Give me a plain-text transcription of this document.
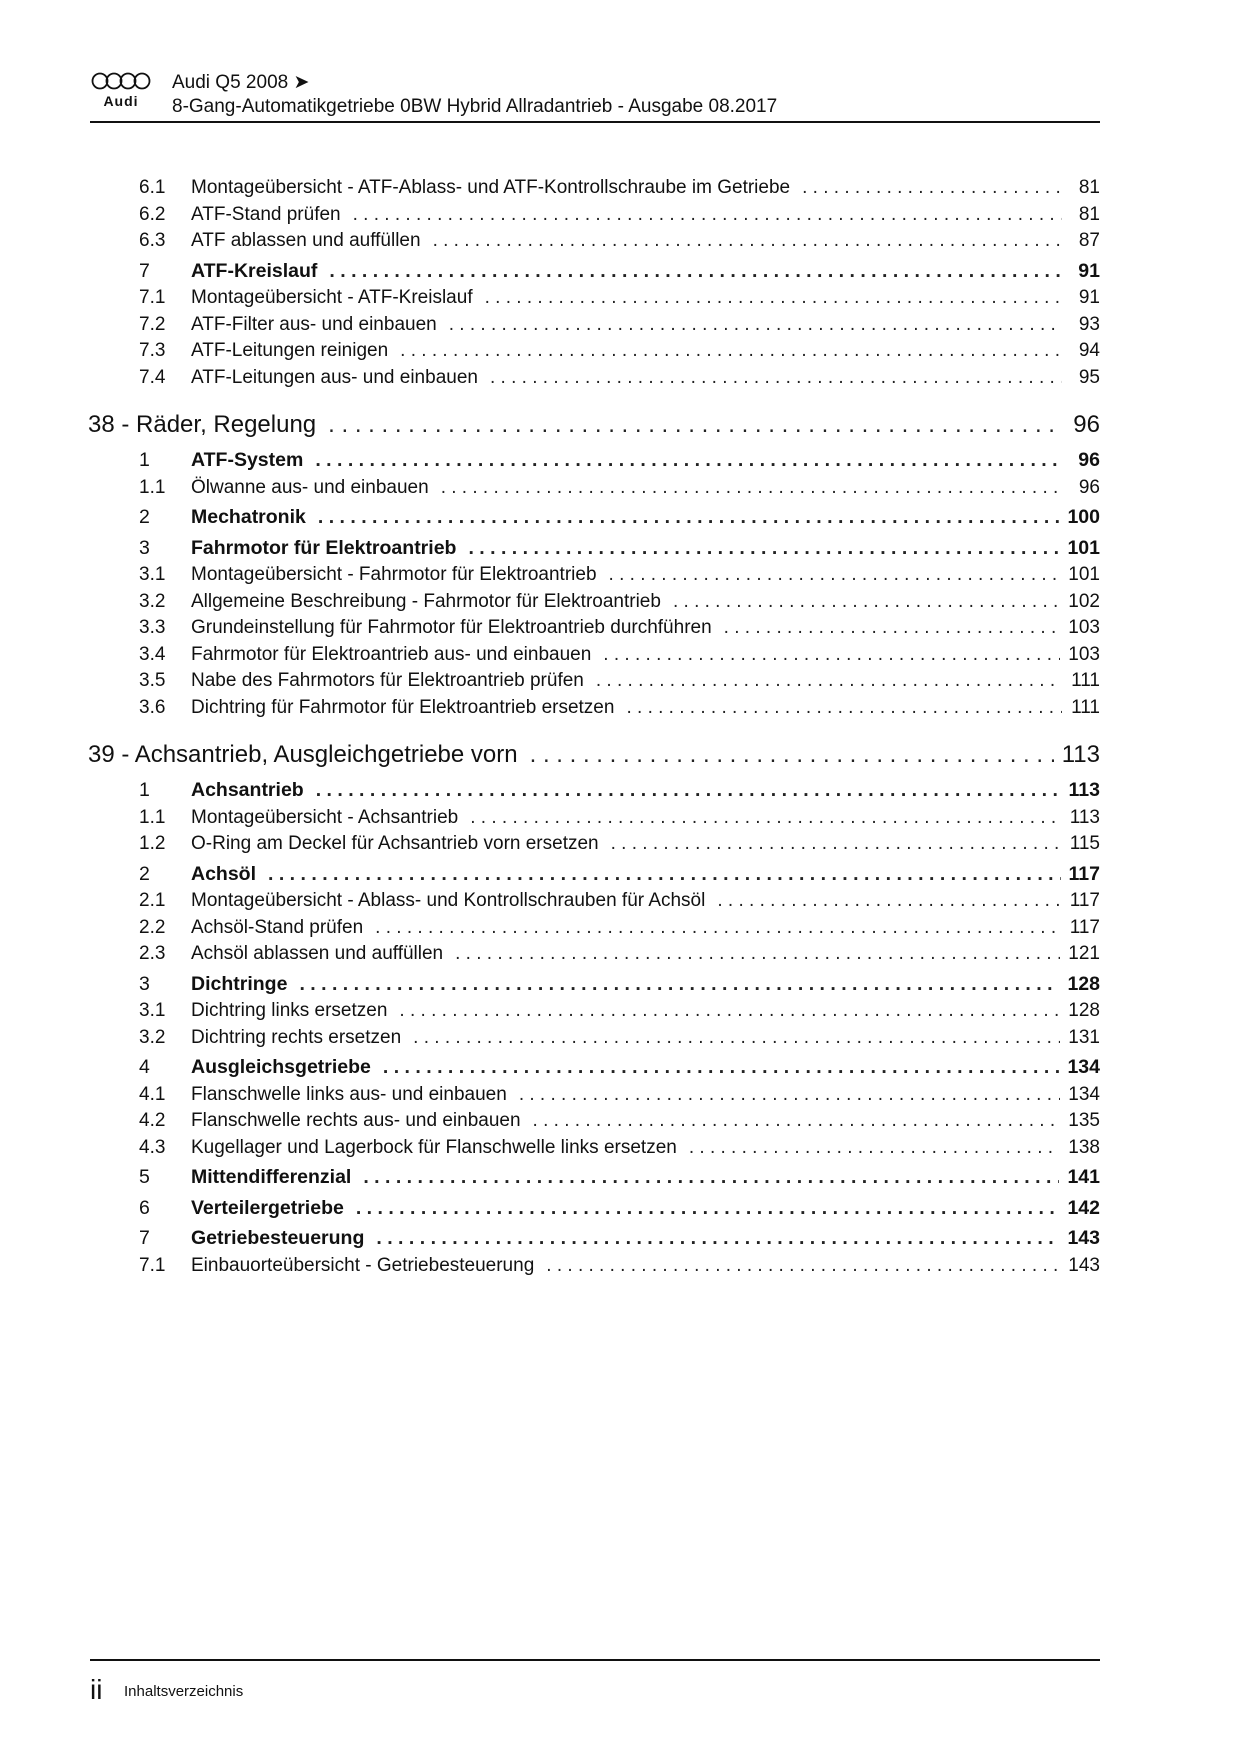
Audi
Audi Q5 2008 ➤
8-Gang-Automatikgetriebe 0BW Hybrid Allradantrieb - Ausgabe 08.2017
6.1	Montageübersicht - ATF-Ablass- und ATF-Kontrollschraube im Getriebe . . .	81
6.2	ATF-Stand prüfen . . .	81
6.3	ATF ablassen und auffüllen . . .	87
7	ATF-Kreislauf . . .	91
7.1	Montageübersicht - ATF-Kreislauf . . .	91
7.2	ATF-Filter aus- und einbauen . . .	93
7.3	ATF-Leitungen reinigen . . .	94
7.4	ATF-Leitungen aus- und einbauen . . .	95
38 - Räder, Regelung . . .	96
1	ATF-System . . .	96
1.1	Ölwanne aus- und einbauen . . .	96
2	Mechatronik . . .	100
3	Fahrmotor für Elektroantrieb . . .	101
3.1	Montageübersicht - Fahrmotor für Elektroantrieb . . .	101
3.2	Allgemeine Beschreibung - Fahrmotor für Elektroantrieb . . .	102
3.3	Grundeinstellung für Fahrmotor für Elektroantrieb durchführen . . .	103
3.4	Fahrmotor für Elektroantrieb aus- und einbauen . . .	103
3.5	Nabe des Fahrmotors für Elektroantrieb prüfen . . .	111
3.6	Dichtring für Fahrmotor für Elektroantrieb ersetzen . . .	111
39 - Achsantrieb, Ausgleichgetriebe vorn . . .	113
1	Achsantrieb . . .	113
1.1	Montageübersicht - Achsantrieb . . .	113
1.2	O-Ring am Deckel für Achsantrieb vorn ersetzen . . .	115
2	Achsöl . . .	117
2.1	Montageübersicht - Ablass- und Kontrollschrauben für Achsöl . . .	117
2.2	Achsöl-Stand prüfen . . .	117
2.3	Achsöl ablassen und auffüllen . . .	121
3	Dichtringe . . .	128
3.1	Dichtring links ersetzen . . .	128
3.2	Dichtring rechts ersetzen . . .	131
4	Ausgleichsgetriebe . . .	134
4.1	Flanschwelle links aus- und einbauen . . .	134
4.2	Flanschwelle rechts aus- und einbauen . . .	135
4.3	Kugellager und Lagerbock für Flanschwelle links ersetzen . . .	138
5	Mittendifferenzial . . .	141
6	Verteilergetriebe . . .	142
7	Getriebesteuerung . . .	143
7.1	Einbauorteübersicht - Getriebesteuerung . . .	143
ii Inhaltsverzeichnis
